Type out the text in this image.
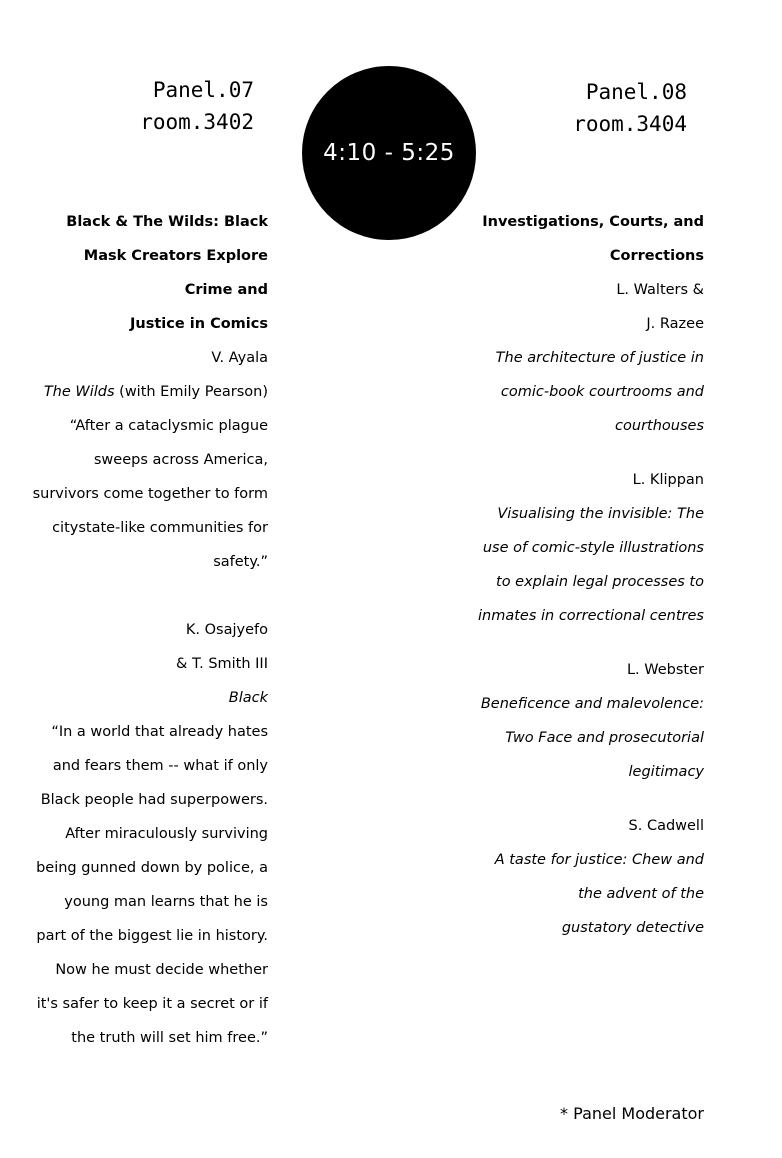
Panel.07
room.3402
4:10 - 5:25
Panel.08
room.3404
Black & The Wilds: Black
Mask Creators Explore
Crime and
Justice in Comics
V. Ayala
The Wilds (with Emily Pearson)
“After a cataclysmic plague
sweeps across America,
survivors come together to form
citystate-like communities for
safety.”
K. Osajyefo
& T. Smith III
Black
“In a world that already hates
and fears them -- what if only
Black people had superpowers.
After miraculously surviving
being gunned down by police, a
young man learns that he is
part of the biggest lie in history.
Now he must decide whether
it's safer to keep it a secret or if
the truth will set him free.”
Investigations, Courts, and
Corrections
L. Walters &
J. Razee
The architecture of justice in
comic-book courtrooms and
courthouses
L. Klippan
Visualising the invisible: The
use of comic-style illustrations
to explain legal processes to
inmates in correctional centres
L. Webster
Beneficence and malevolence:
Two Face and prosecutorial
legitimacy
S. Cadwell
A taste for justice: Chew and
the advent of the
gustatory detective
* Panel Moderator
